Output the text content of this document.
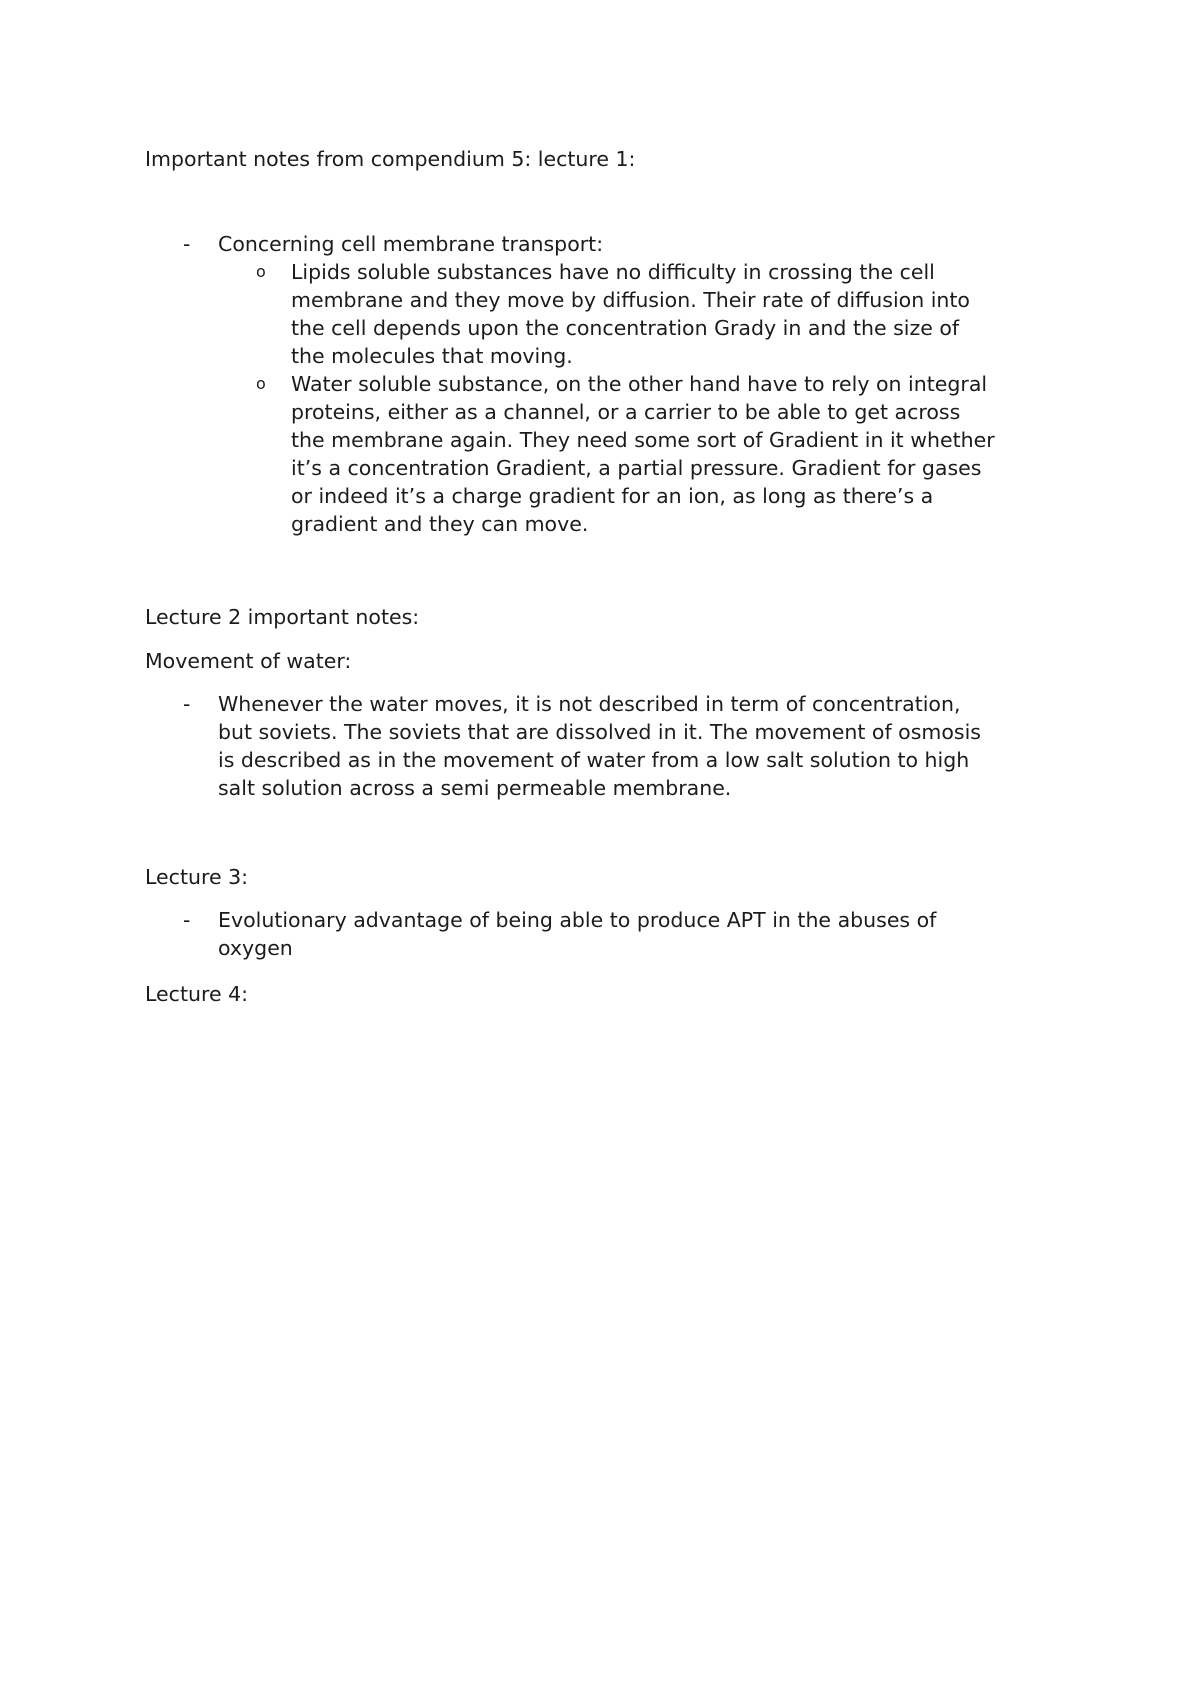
Important notes from compendium 5: lecture 1:
- Concerning cell membrane transport:
o Lipids soluble substances have no difficulty in crossing the cell
membrane and they move by diffusion. Their rate of diffusion into
the cell depends upon the concentration Grady in and the size of
the molecules that moving.
o Water soluble substance, on the other hand have to rely on integral
proteins, either as a channel, or a carrier to be able to get across
the membrane again. They need some sort of Gradient in it whether
it’s a concentration Gradient, a partial pressure. Gradient for gases
or indeed it’s a charge gradient for an ion, as long as there’s a
gradient and they can move.
Lecture 2 important notes:
Movement of water:
- Whenever the water moves, it is not described in term of concentration,
but soviets. The soviets that are dissolved in it. The movement of osmosis
is described as in the movement of water from a low salt solution to high
salt solution across a semi permeable membrane.
Lecture 3:
- Evolutionary advantage of being able to produce APT in the abuses of
oxygen
Lecture 4:
